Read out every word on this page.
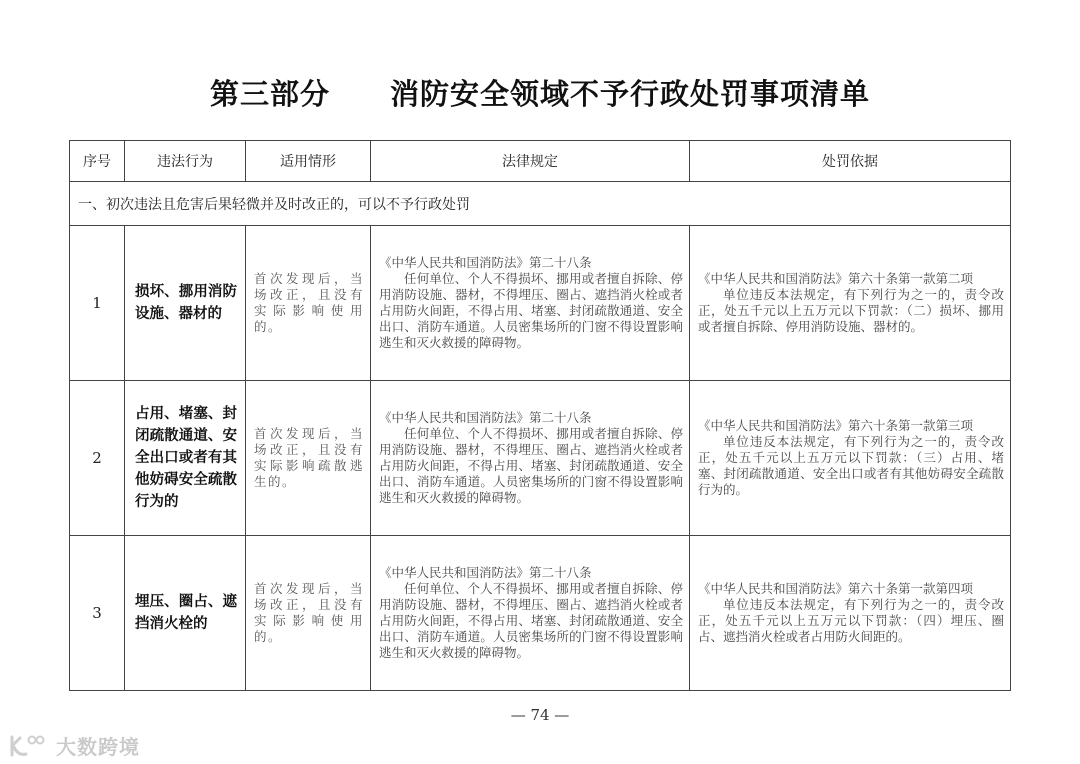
第三部分　　消防安全领域不予行政处罚事项清单
序号	违法行为	适用情形	法律规定	处罚依据
一、初次违法且危害后果轻微并及时改正的，可以不予行政处罚				
1	损坏、挪用消防设施、器材的	首次发现后，当场改正，且没有实际影响使用的。	《中华人民共和国消防法》第二十八条
任何单位、个人不得损坏、挪用或者擅自拆除、停用消防设施、器材，不得埋压、圈占、遮挡消火栓或者占用防火间距，不得占用、堵塞、封闭疏散通道、安全出口、消防车通道。人员密集场所的门窗不得设置影响逃生和灭火救援的障碍物。	《中华人民共和国消防法》第六十条第一款第二项
单位违反本法规定，有下列行为之一的，责令改正，处五千元以上五万元以下罚款：（二）损坏、挪用或者擅自拆除、停用消防设施、器材的。

2	占用、堵塞、封闭疏散通道、安全出口或者有其他妨碍安全疏散行为的	首次发现后，当场改正，且没有实际影响疏散逃生的。	《中华人民共和国消防法》第二十八条
任何单位、个人不得损坏、挪用或者擅自拆除、停用消防设施、器材，不得埋压、圈占、遮挡消火栓或者占用防火间距，不得占用、堵塞、封闭疏散通道、安全出口、消防车通道。人员密集场所的门窗不得设置影响逃生和灭火救援的障碍物。	《中华人民共和国消防法》第六十条第一款第三项
单位违反本法规定，有下列行为之一的，责令改正，处五千元以上五万元以下罚款：（三）占用、堵塞、封闭疏散通道、安全出口或者有其他妨碍安全疏散行为的。

3	埋压、圈占、遮挡消火栓的	首次发现后，当场改正，且没有实际影响使用的。	《中华人民共和国消防法》第二十八条
任何单位、个人不得损坏、挪用或者擅自拆除、停用消防设施、器材，不得埋压、圈占、遮挡消火栓或者占用防火间距，不得占用、堵塞、封闭疏散通道、安全出口、消防车通道。人员密集场所的门窗不得设置影响逃生和灭火救援的障碍物。	《中华人民共和国消防法》第六十条第一款第四项
单位违反本法规定，有下列行为之一的，责令改正，处五千元以上五万元以下罚款：（四）埋压、圈占、遮挡消火栓或者占用防火间距的。
— 74 —
大数跨境
